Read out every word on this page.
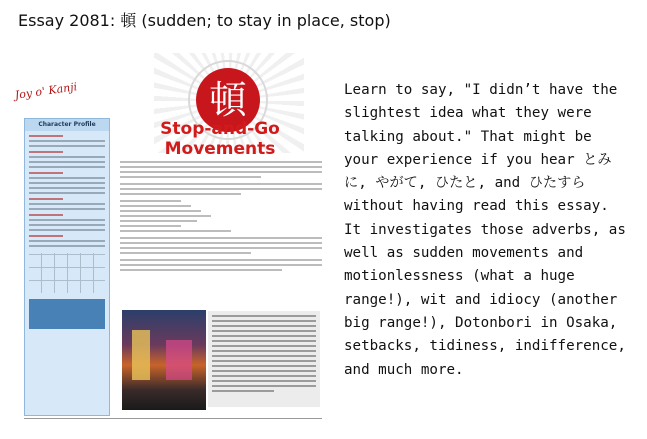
Essay 2081: 頓 (sudden; to stay in place, stop)
Joy o' Kanji	頓
Character Profile	Stop-and-Go
Movements
Learn to say, "I didn’t have the slightest idea what they were talking about." That might be your experience if you hear とみに, やがて, ひたと, and ひたすら without having read this essay. It investigates those adverbs, as well as sudden movements and motionlessness (what a huge range!), wit and idiocy (another big range!), Dotonbori in Osaka, setbacks, tidiness, indifference, and much more.
